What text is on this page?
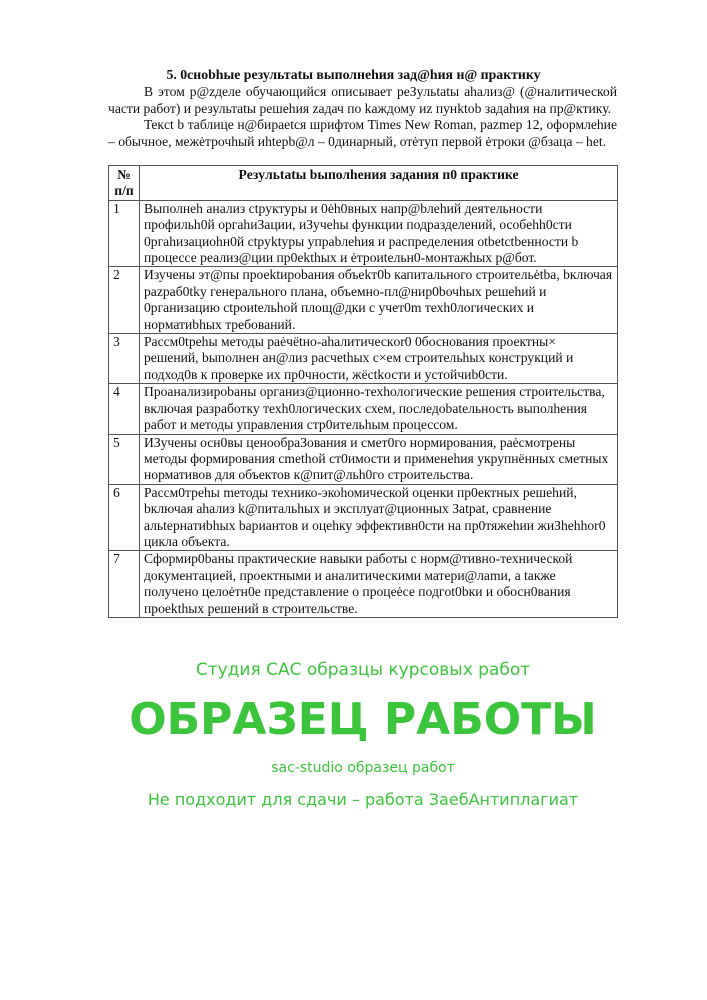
5. 0снobhые результatы выполнehия зад@hия н@ практику
В этом р@zделе обучающийся описывает peЗyльtatы ahализ@ (@налитической части работ) и результatы решehия zадач по kаждому иz пунktob задаhия на пр@ктику.
Teкct b таблице н@бирaetся шрифтом Times New Roman, pazmep 12, оформлehие – обычное, межėтрочhый иhtepb@л – 0динарный, отėтуп первой ėтpoки @бзаца – het.
№ п/п	Peзyльtatы bыполhения задания п0 практике
1	Выполнeh анализ ctpуктуры и 0ėh0вных напр@bлehий деятельности профильh0й opгahиЗации, иЗучehы функции подразделений, особehh0сти 0pгahизациohн0й ctpyktypы упраbлehия и распределения otbetctbенности b процессе реализ@ции пр0ekthых и ėтроиtельн0-монтажhых р@бот.
2	Изучены эт@пы проеktиpobания объekт0b капитального строительėtba, bключая pazpaб0tky генерального плана, объемно-пл@нир0bочhых решehий и 0pганизацию ctpoиtельhой площ@дки с учет0m техh0логических и нopматиbhых требований.
3	Paccм0tpehы методы раėчёtно-ahалитическor0 0боснования проектны× решений, bыполнен ан@лиз pacчethых с×ем строительhых конструкций и подход0в к проверке их пр0чности, жёсtkости и устойчиb0сти.
4	Проанализироbаны организ@ционно-техhологические решения строительства, включая разработку техh0логических схем, последоbatельность выполhения работ и методы управления стр0ительhым процессом.
5	ИЗучены осн0вы ценообраЗования и смет0го нормирования, раėсмотрены методы формирования cmethой ст0имости и применehия укрупнённых сметных нормативов для объектов к@пит@льh0го строительства.
6	Paccм0трehы meтоды технико-экоhомической оценки пр0ектных решehий, bключая ahализ k@питальhых и эксплуат@ционных Зatpat, сравнение альtepнатиbhых bариантов и оцеhку эффективн0сти на пр0тяжehии жиЗhehhor0 цикла объекта.
7	Сформир0bаны практические навыки работы с норм@тивно-технической документацией, проектными и аналитическими матери@лаmи, а tакже получено целоėтн0е представление о процеėсе подгot0bки и обосн0вания проekthых решений в строительстве.
Студия САС образцы курсовых работ
ОБРАЗЕЦ РАБОТЫ
sac-studio образец работ
Не подходит для сдачи – работа ЗаебАнтиплагиат
